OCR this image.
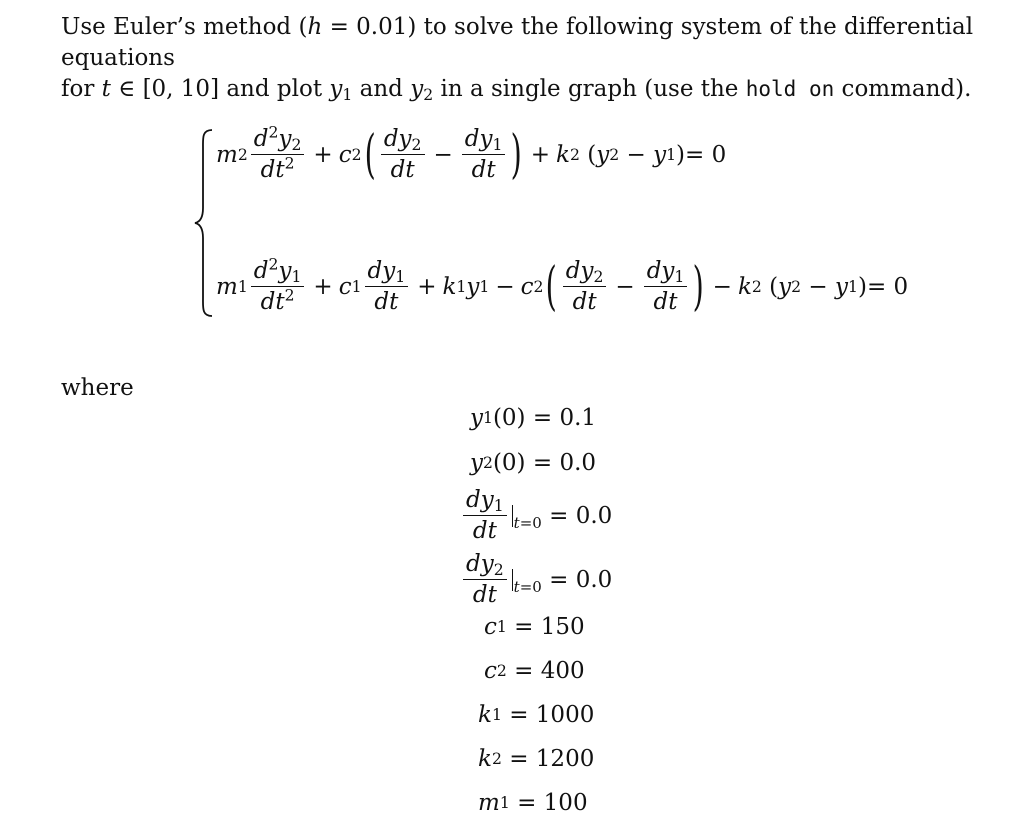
Use Euler’s method (h = 0.01) to solve the following system of the differential equations
for t ∈ [0, 10] and plot $y_1$ and $y_2$ in a single graph (use the hold on command).
m $2 \frac{d^2y_2}{dt^2} + c$ 2 ( $\frac{dy_2}{dt} - \frac{dy_1}{dt}$ ) + k 2 ( y 2 − y 1 ) = 0
m $1 \frac{d^2y_1}{dt^2} + c$ $1 \frac{dy_1}{dt} + k$ 1 y 1 − c 2 ( $\frac{dy_2}{dt} - \frac{dy_1}{dt}$ ) − k 2 ( y 2 − y 1 ) = 0
where
y 1 (0) = 0.1
y 2 (0) = 0.0
$\frac{dy_1}{dt} t=0 = 0.0$
$\frac{dy_2}{dt} t=0 = 0.0$
c 1 = 150
c 2 = 400
k 1 = 1000
k 2 = 1200
m 1 = 100
